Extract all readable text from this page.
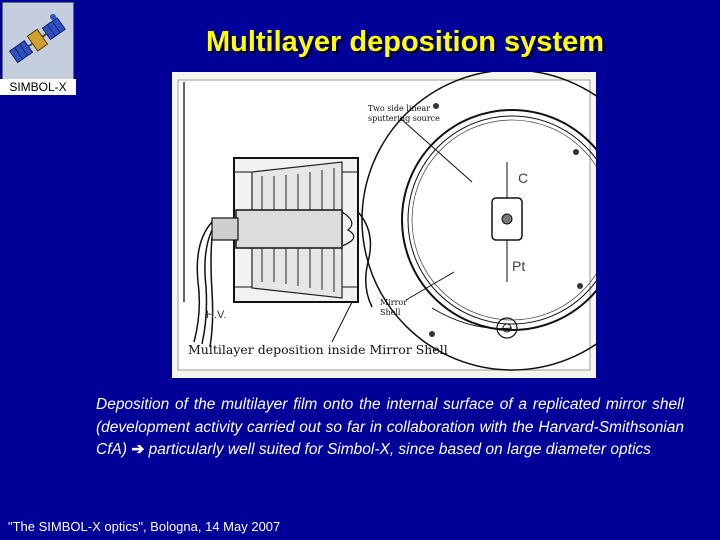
SIMBOL-X
Multilayer deposition system
Two side linear sputtering source
C
Pt
H.V.
Mirror Shell
Multilayer deposition inside Mirror Shell
Deposition of the multilayer film onto the internal surface of a replicated mirror shell (development activity carried out so far in collaboration with the Harvard-Smithsonian CfA) ➔ particularly well suited for Simbol-X, since based on large diameter optics
"The SIMBOL-X optics", Bologna, 14 May 2007
